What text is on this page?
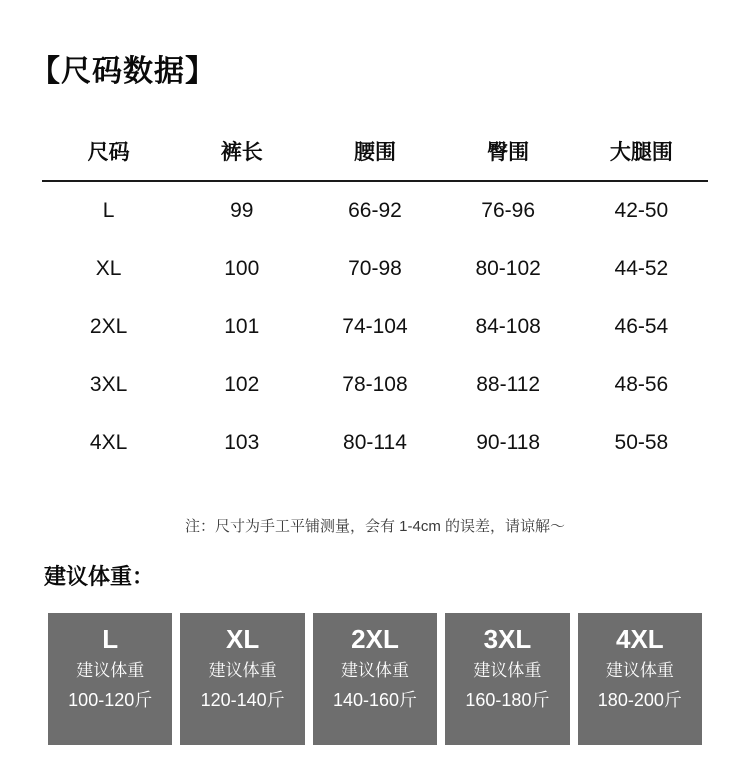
【尺码数据】
尺码	裤长	腰围	臀围	大腿围
L	99	66-92	76-96	42-50
XL	100	70-98	80-102	44-52
2XL	101	74-104	84-108	46-54
3XL	102	78-108	88-112	48-56
4XL	103	80-114	90-118	50-58
注：尺寸为手工平铺测量，会有 1-4cm 的误差，请谅解～
建议体重：
L
建议体重
100-120斤
XL
建议体重
120-140斤
2XL
建议体重
140-160斤
3XL
建议体重
160-180斤
4XL
建议体重
180-200斤
